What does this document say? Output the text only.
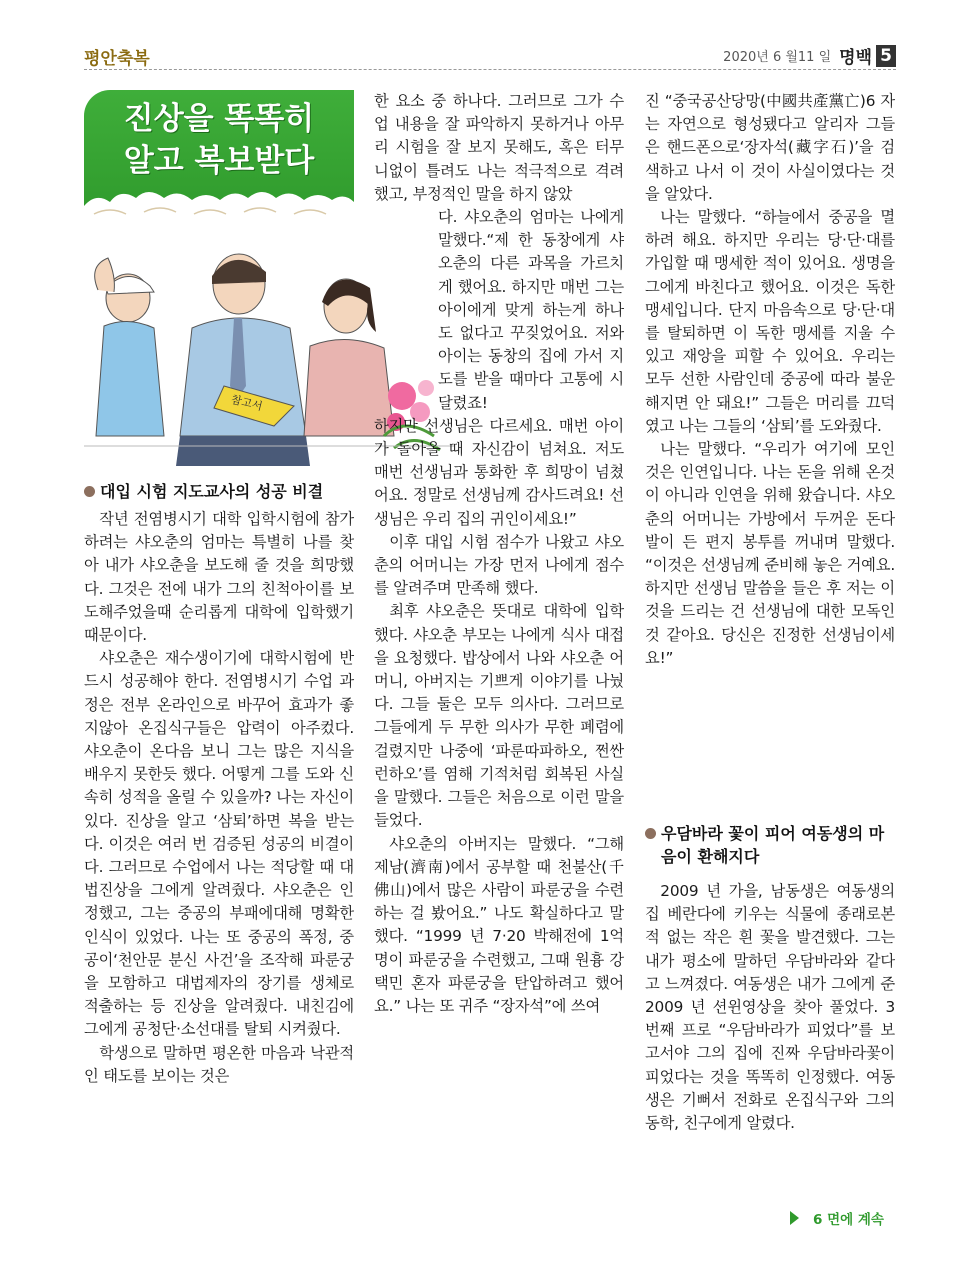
평안축복	2020년 6 월11 일 명백 5
진상을 똑똑히
알고 복보받다
참고서
대입 시험 지도교사의 성공 비결

작년 전염병시기 대학 입학시험에 참가하려는 샤오춘의 엄마는 특별히 나를 찾아 내가 샤오춘을 보도해 줄 것을 희망했다. 그것은 전에 내가 그의 친척아이를 보도해주었을때 순리롭게 대학에 입학했기 때문이다.

샤오춘은 재수생이기에 대학시험에 반드시 성공해야 한다. 전염병시기 수업 과정은 전부 온라인으로 바꾸어 효과가 좋지않아 온집식구들은 압력이 아주컸다. 샤오춘이 온다음 보니 그는 많은 지식을 배우지 못한듯 했다. 어떻게 그를 도와 신속히 성적을 올릴 수 있을까? 나는 자신이 있다. 진상을 알고 ‘삼퇴’하면 복을 받는다. 이것은 여러 번 검증된 성공의 비결이다. 그러므로 수업에서 나는 적당할 때 대법진상을 그에게 알려줬다. 샤오춘은 인정했고, 그는 중공의 부패에대해 명확한 인식이 있었다. 나는 또 중공의 폭정, 중공이‘천안문 분신 사건’을 조작해 파룬궁을 모함하고 대법제자의 장기를 생체로 적출하는 등 진상을 알려줬다. 내친김에 그에게 공청단·소선대를 탈퇴 시켜줬다.

학생으로 말하면 평온한 마음과 낙관적인 태도를 보이는 것은

한 요소 중 하나다. 그러므로 그가 수업 내용을 잘 파악하지 못하거나 아무리 시험을 잘 보지 못해도, 혹은 터무니없이 틀려도 나는 적극적으로 격려했고, 부정적인 말을 하지 않았
다. 샤오춘의 엄마는 나에게 말했다.“제 한 동창에게 샤오춘의 다른 과목을 가르치게 했어요. 하지만 매번 그는 아이에게 맞게 하는게 하나도 없다고 꾸짖었어요. 저와 아이는 동창의 집에 가서 지도를 받을 때마다 고통에 시달렸죠!
하지만 선생님은 다르세요. 매번 아이가 돌아올 때 자신감이 넘쳐요. 저도 매번 선생님과 통화한 후 희망이 넘쳤어요. 정말로 선생님께 감사드려요! 선생님은 우리 집의 귀인이세요!”

이후 대입 시험 점수가 나왔고 샤오춘의 어머니는 가장 먼저 나에게 점수를 알려주며 만족해 했다.

최후 샤오춘은 뜻대로 대학에 입학했다. 샤오춘 부모는 나에게 식사 대접을 요청했다. 밥상에서 나와 샤오춘 어머니, 아버지는 기쁘게 이야기를 나눴다. 그들 둘은 모두 의사다. 그러므로 그들에게 두 무한 의사가 무한 폐렴에 걸렸지만 나중에 ‘파룬따파하오, 쩐싼런하오’를 염해 기적처럼 회복된 사실을 말했다. 그들은 처음으로 이런 말을 들었다.

샤오춘의 아버지는 말했다. “그해 제남(濟南)에서 공부할 때 천불산(千佛山)에서 많은 사람이 파룬궁을 수련하는 걸 봤어요.” 나도 확실하다고 말했다. “1999 년 7·20 박해전에 1억 명이 파룬궁을 수련했고, 그때 원흉 강택민 혼자 파룬궁을 탄압하려고 했어요.” 나는 또 귀주 “장자석”에 쓰여

진 “중국공산당망(中國共產黨亡)6 자는 자연으로 형성됐다고 알리자 그들은 핸드폰으로‘장자석(藏字石)’을 검색하고 나서 이 것이 사실이였다는 것을 알았다.

나는 말했다. “하늘에서 중공을 멸하려 해요. 하지만 우리는 당·단·대를 가입할 때 맹세한 적이 있어요. 생명을 그에게 바친다고 했어요. 이것은 독한 맹세입니다. 단지 마음속으로 당·단·대를 탈퇴하면 이 독한 맹세를 지울 수 있고 재앙을 피할 수 있어요. 우리는 모두 선한 사람인데 중공에 따라 불운해지면 안 돼요!” 그들은 머리를 끄덕였고 나는 그들의 ‘삼퇴’를 도와줬다.

나는 말했다. “우리가 여기에 모인 것은 인연입니다. 나는 돈을 위해 온것이 아니라 인연을 위해 왔습니다. 샤오춘의 어머니는 가방에서 두꺼운 돈다발이 든 편지 봉투를 꺼내며 말했다. “이것은 선생님께 준비해 놓은 거예요. 하지만 선생님 말씀을 들은 후 저는 이것을 드리는 건 선생님에 대한 모독인 것 같아요. 당신은 진정한 선생님이세요!”

우담바라 꽃이 피어 여동생의 마음이 환해지다

2009 년 가을, 남동생은 여동생의 집 베란다에 키우는 식물에 종래로본적 없는 작은 흰 꽃을 발견했다. 그는 내가 평소에 말하던 우담바라와 같다고 느껴졌다. 여동생은 내가 그에게 준 2009 년 션윈영상을 찾아 풀었다. 3번째 프로 “우담바라가 피었다”를 보고서야 그의 집에 진짜 우담바라꽃이 피었다는 것을 똑똑히 인정했다. 여동생은 기뻐서 전화로 온집식구와 그의 동학, 친구에게 알렸다.

6 면에 계속
